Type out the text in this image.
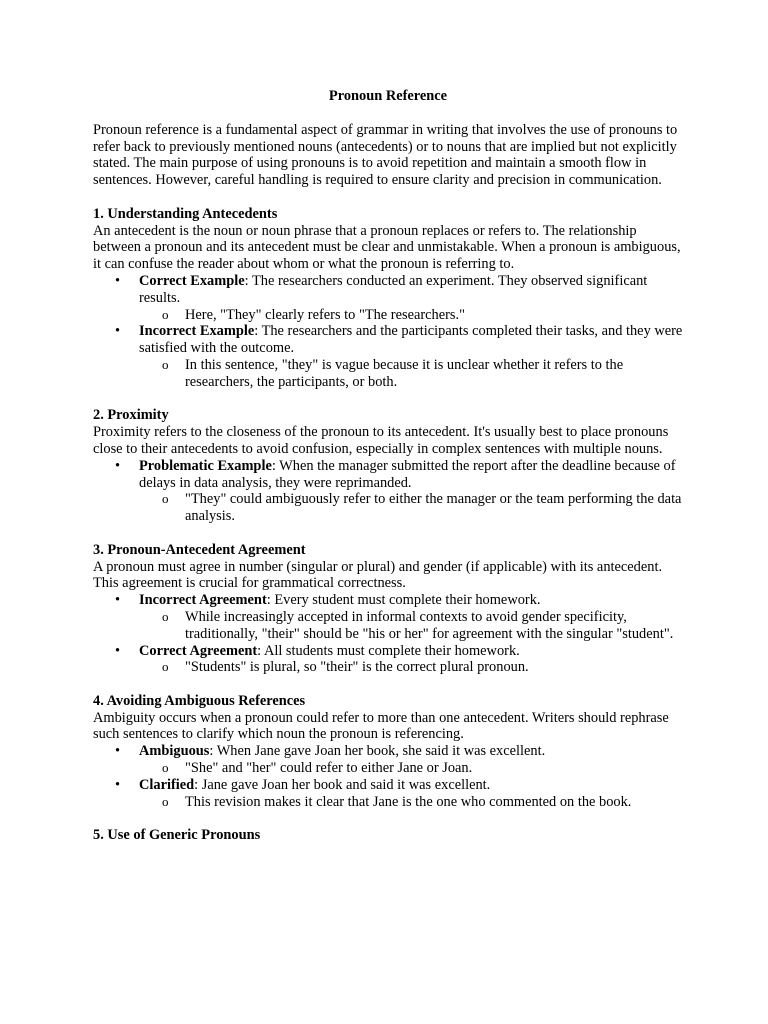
Pronoun Reference

Pronoun reference is a fundamental aspect of grammar in writing that involves the use of pronouns to refer back to previously mentioned nouns (antecedents) or to nouns that are implied but not explicitly stated. The main purpose of using pronouns is to avoid repetition and maintain a smooth flow in sentences. However, careful handling is required to ensure clarity and precision in communication.

1. Understanding Antecedents

An antecedent is the noun or noun phrase that a pronoun replaces or refers to. The relationship between a pronoun and its antecedent must be clear and unmistakable. When a pronoun is ambiguous, it can confuse the reader about whom or what the pronoun is referring to.

• Correct Example: The researchers conducted an experiment. They observed significant results.
o Here, "They" clearly refers to "The researchers."
• Incorrect Example: The researchers and the participants completed their tasks, and they were satisfied with the outcome.
o In this sentence, "they" is vague because it is unclear whether it refers to the researchers, the participants, or both.
2. Proximity

Proximity refers to the closeness of the pronoun to its antecedent. It's usually best to place pronouns close to their antecedents to avoid confusion, especially in complex sentences with multiple nouns.

• Problematic Example: When the manager submitted the report after the deadline because of delays in data analysis, they were reprimanded.
o "They" could ambiguously refer to either the manager or the team performing the data analysis.
3. Pronoun-Antecedent Agreement

A pronoun must agree in number (singular or plural) and gender (if applicable) with its antecedent. This agreement is crucial for grammatical correctness.

• Incorrect Agreement: Every student must complete their homework.
o While increasingly accepted in informal contexts to avoid gender specificity, traditionally, "their" should be "his or her" for agreement with the singular "student".
• Correct Agreement: All students must complete their homework.
o "Students" is plural, so "their" is the correct plural pronoun.
4. Avoiding Ambiguous References

Ambiguity occurs when a pronoun could refer to more than one antecedent. Writers should rephrase such sentences to clarify which noun the pronoun is referencing.

• Ambiguous: When Jane gave Joan her book, she said it was excellent.
o "She" and "her" could refer to either Jane or Joan.
• Clarified: Jane gave Joan her book and said it was excellent.
o This revision makes it clear that Jane is the one who commented on the book.
5. Use of Generic Pronouns
